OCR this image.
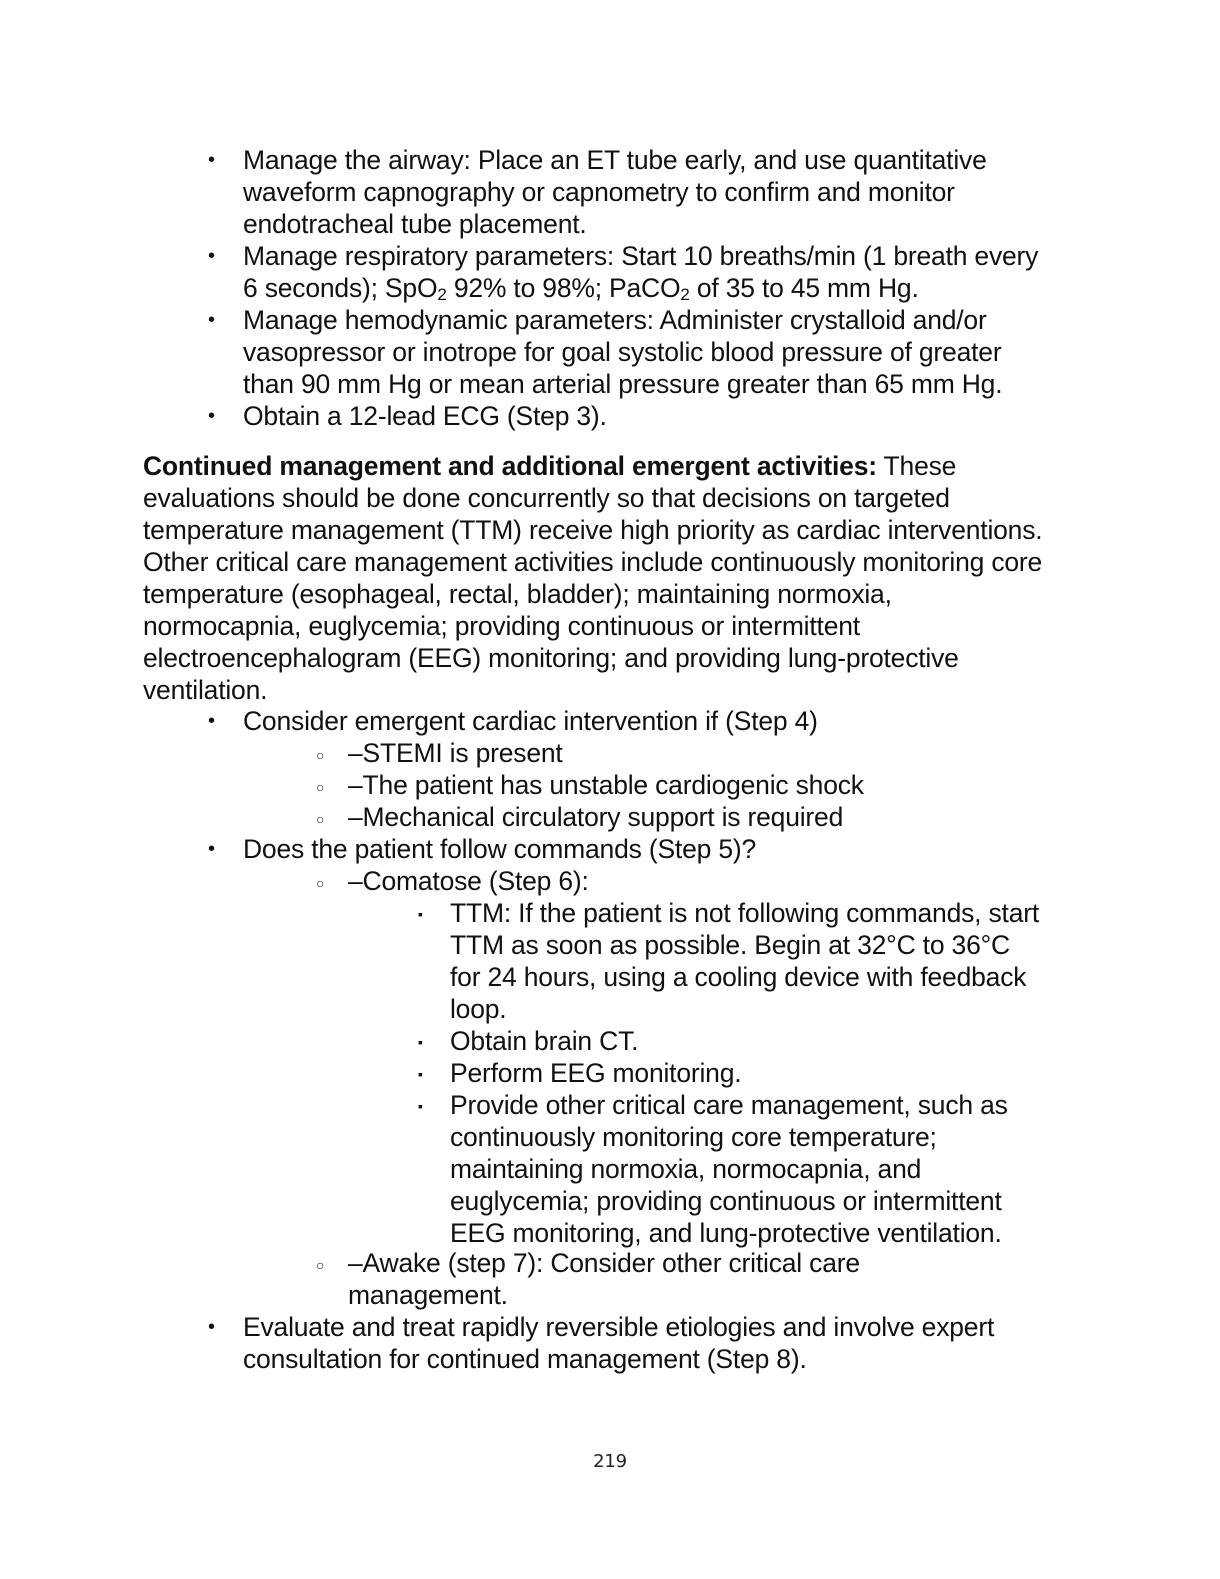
•
Manage the airway: Place an ET tube early, and use quantitative waveform capnography or capnometry to confirm and monitor endotracheal tube placement.
•
Manage respiratory parameters: Start 10 breaths/min (1 breath every 6 seconds); SpO$_2$ 92% to 98%; PaCO$_2$ of 35 to 45 mm Hg.
•
Manage hemodynamic parameters: Administer crystalloid and/or vasopressor or inotrope for goal systolic blood pressure of greater than 90 mm Hg or mean arterial pressure greater than 65 mm Hg.
•
Obtain a 12-lead ECG (Step 3).
Continued management and additional emergent activities: These evaluations should be done concurrently so that decisions on targeted temperature management (TTM) receive high priority as cardiac interventions. Other critical care management activities include continuously monitoring core temperature (esophageal, rectal, bladder); maintaining normoxia, normocapnia, euglycemia; providing continuous or intermittent electroencephalogram (EEG) monitoring; and providing lung-protective ventilation.
•
Consider emergent cardiac intervention if (Step 4)
○
–STEMI is present
○
–The patient has unstable cardiogenic shock
○
–Mechanical circulatory support is required
•
Does the patient follow commands (Step 5)?
○
–Comatose (Step 6):
▪
TTM: If the patient is not following commands, start TTM as soon as possible. Begin at 32°C to 36°C for 24 hours, using a cooling device with feedback loop.
▪
Obtain brain CT.
▪
Perform EEG monitoring.
▪
Provide other critical care management, such as continuously monitoring core temperature; maintaining normoxia, normocapnia, and euglycemia; providing continuous or intermittent EEG monitoring, and lung-protective ventilation.
○
–Awake (step 7): Consider other critical care management.
•
Evaluate and treat rapidly reversible etiologies and involve expert consultation for continued management (Step 8).
219
